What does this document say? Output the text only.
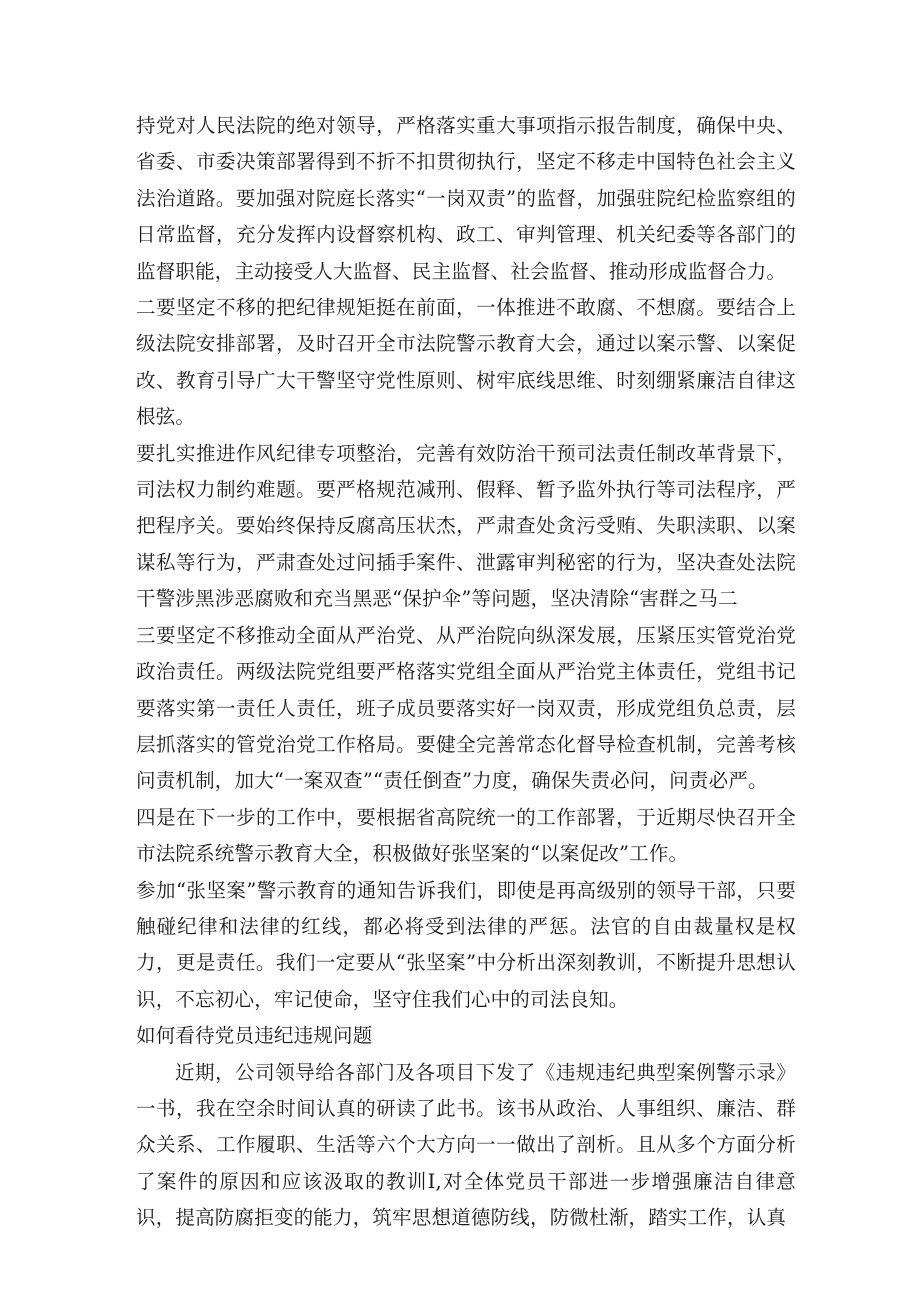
持党对人民法院的绝对领导，严格落实重大事项指示报告制度，确保中央、省委、市委决策部署得到不折不扣贯彻执行，坚定不移走中国特色社会主义法治道路。要加强对院庭长落实“一岗双责”的监督，加强驻院纪检监察组的日常监督，充分发挥内设督察机构、政工、审判管理、机关纪委等各部门的监督职能，主动接受人大监督、民主监督、社会监督、推动形成监督合力。

二要坚定不移的把纪律规矩挺在前面，一体推进不敢腐、不想腐。要结合上级法院安排部署，及时召开全市法院警示教育大会，通过以案示警、以案促改、教育引导广大干警坚守党性原则、树牢底线思维、时刻绷紧廉洁自律这根弦。

要扎实推进作风纪律专项整治，完善有效防治干预司法责任制改革背景下，司法权力制约难题。要严格规范减刑、假释、暂予监外执行等司法程序，严把程序关。要始终保持反腐高压状杰，严肃查处贪污受贿、失职渎职、以案谋私等行为，严肃查处过问插手案件、泄露审判秘密的行为，坚决查处法院干警涉黑涉恶腐败和充当黑恶“保护伞”等问题，坚决清除“害群之马二

三要坚定不移推动全面从严治党、从严治院向纵深发展，压紧压实管党治党政治责任。两级法院党组要严格落实党组全面从严治党主体责任，党组书记要落实第一责任人责任，班子成员要落实好一岗双责，形成党组负总责，层层抓落实的管党治党工作格局。要健全完善常态化督导检查机制，完善考核问责机制，加大“一案双查”“责任倒查”力度，确保失责必问，问责必严。

四是在下一步的工作中，要根据省高院统一的工作部署，于近期尽快召开全市法院系统警示教育大全，积极做好张坚案的“以案促改”工作。

参加“张坚案”警示教育的通知告诉我们，即使是再高级别的领导干部，只要触碰纪律和法律的红线，都必将受到法律的严惩。法官的自由裁量权是权力，更是责任。我们一定要从“张坚案”中分析出深刻教训，不断提升思想认识，不忘初心，牢记使命，坚守住我们心中的司法良知。

如何看待党员违纪违规问题

近期，公司领导给各部门及各项目下发了《违规违纪典型案例警示录》一书，我在空余时间认真的研读了此书。该书从政治、人事组织、廉洁、群众关系、工作履职、生活等六个大方向一一做出了剖析。且从多个方面分析了案件的原因和应该汲取的教训I,对全体党员干部进一步增强廉洁自律意识，提高防腐拒变的能力，筑牢思想道德防线，防微杜渐，踏实工作，认真
